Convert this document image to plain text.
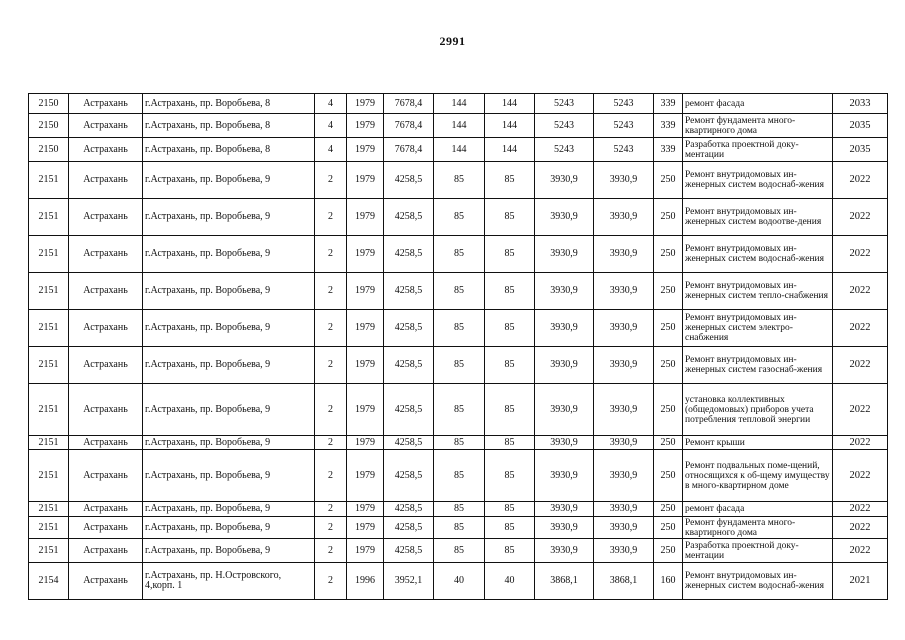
2991
2150	Астрахань	г.Астрахань, пр. Воробьева, 8	4	1979	7678,4	144	144	5243	5243	339	ремонт фасада	2033
2150	Астрахань	г.Астрахань, пр. Воробьева, 8	4	1979	7678,4	144	144	5243	5243	339	Ремонт фундамента много-квартирного дома	2035
2150	Астрахань	г.Астрахань, пр. Воробьева, 8	4	1979	7678,4	144	144	5243	5243	339	Разработка проектной доку-ментации	2035
2151	Астрахань	г.Астрахань, пр. Воробьева, 9	2	1979	4258,5	85	85	3930,9	3930,9	250	Ремонт внутридомовых ин-женерных систем водоснаб-жения	2022
2151	Астрахань	г.Астрахань, пр. Воробьева, 9	2	1979	4258,5	85	85	3930,9	3930,9	250	Ремонт внутридомовых ин-женерных систем водоотве-дения	2022
2151	Астрахань	г.Астрахань, пр. Воробьева, 9	2	1979	4258,5	85	85	3930,9	3930,9	250	Ремонт внутридомовых ин-женерных систем водоснаб-жения	2022
2151	Астрахань	г.Астрахань, пр. Воробьева, 9	2	1979	4258,5	85	85	3930,9	3930,9	250	Ремонт внутридомовых ин-женерных систем тепло-снабжения	2022
2151	Астрахань	г.Астрахань, пр. Воробьева, 9	2	1979	4258,5	85	85	3930,9	3930,9	250	Ремонт внутридомовых ин-женерных систем электро-снабжения	2022
2151	Астрахань	г.Астрахань, пр. Воробьева, 9	2	1979	4258,5	85	85	3930,9	3930,9	250	Ремонт внутридомовых ин-женерных систем газоснаб-жения	2022
2151	Астрахань	г.Астрахань, пр. Воробьева, 9	2	1979	4258,5	85	85	3930,9	3930,9	250	установка коллективных (общедомовых) приборов учета потребления тепловой энергии	2022
2151	Астрахань	г.Астрахань, пр. Воробьева, 9	2	1979	4258,5	85	85	3930,9	3930,9	250	Ремонт крыши	2022
2151	Астрахань	г.Астрахань, пр. Воробьева, 9	2	1979	4258,5	85	85	3930,9	3930,9	250	Ремонт подвальных поме-щений, относящихся к об-щему имуществу в много-квартирном доме	2022
2151	Астрахань	г.Астрахань, пр. Воробьева, 9	2	1979	4258,5	85	85	3930,9	3930,9	250	ремонт фасада	2022
2151	Астрахань	г.Астрахань, пр. Воробьева, 9	2	1979	4258,5	85	85	3930,9	3930,9	250	Ремонт фундамента много-квартирного дома	2022
2151	Астрахань	г.Астрахань, пр. Воробьева, 9	2	1979	4258,5	85	85	3930,9	3930,9	250	Разработка проектной доку-ментации	2022
2154	Астрахань	г.Астрахань, пр. Н.Островского, 4,корп. 1	2	1996	3952,1	40	40	3868,1	3868,1	160	Ремонт внутридомовых ин-женерных систем водоснаб-жения	2021
